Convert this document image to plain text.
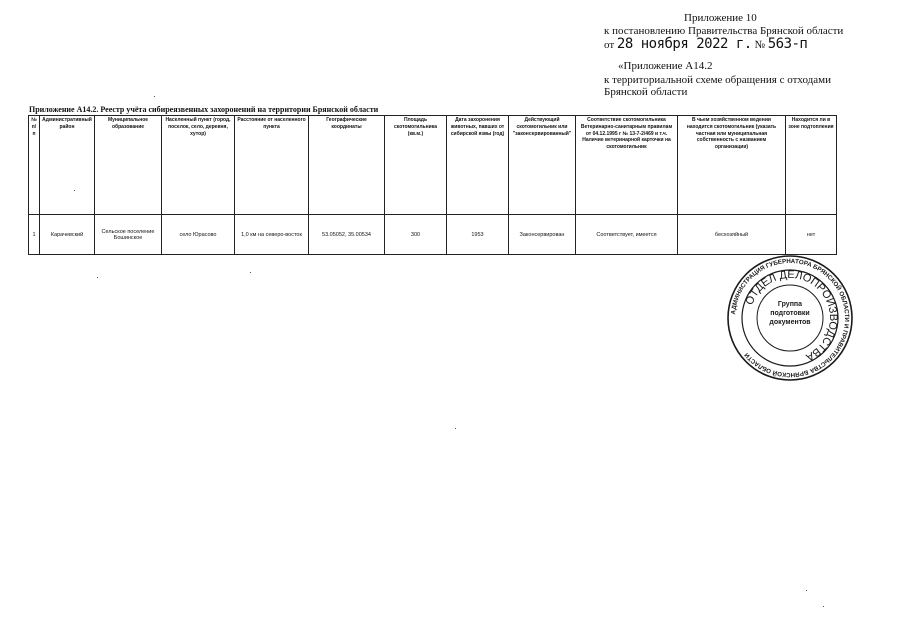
Приложение 10
к постановлению Правительства Брянской области
от 28 ноября 2022 г. № 563-п
«Приложение А14.2
к территориальной схеме обращения с отходами
Брянской области
Приложение А14.2. Реестр учёта сибиреязвенных захоронений на территории Брянской области
№ п/п	Административный район	Муниципальное образование	Населенный пункт (город, поселок, село, деревня, хутор)	Расстояние от населенного пункта	Географические координаты	Площадь скотомогильника (кв.м.)	Дата захоронения животных, павших от сибирской язвы (год)	Действующий скотомогильник или "законсервированный"	Соответствие скотомогильника Ветеринарно-санитарным правилам от 04.12.1995 г № 13-7-2/469 и т.ч. Наличие ветеринарной карточки на скотомогильник	В чьем хозяйственном ведении находится скотомогильник (указать частная или муниципальная собственность с названием организации)	Находится ли в зоне подтопления
1	Карачевский	Сельское поселение Бошинское	село Юрасово	1,0 км на северо-восток	53.05052, 35.00534	300	1953	Законсервирован	Соответствует, имеется	бесхозяйный	нет
АДМИНИСТРАЦИЯ ГУБЕРНАТОРА БРЯНСКОЙ ОБЛАСТИ И ПРАВИТЕЛЬСТВА БРЯНСКОЙ ОБЛАСТИ
ОТДЕЛ ДЕЛОПРОИЗВОДСТВА
Группа подготовки документов
